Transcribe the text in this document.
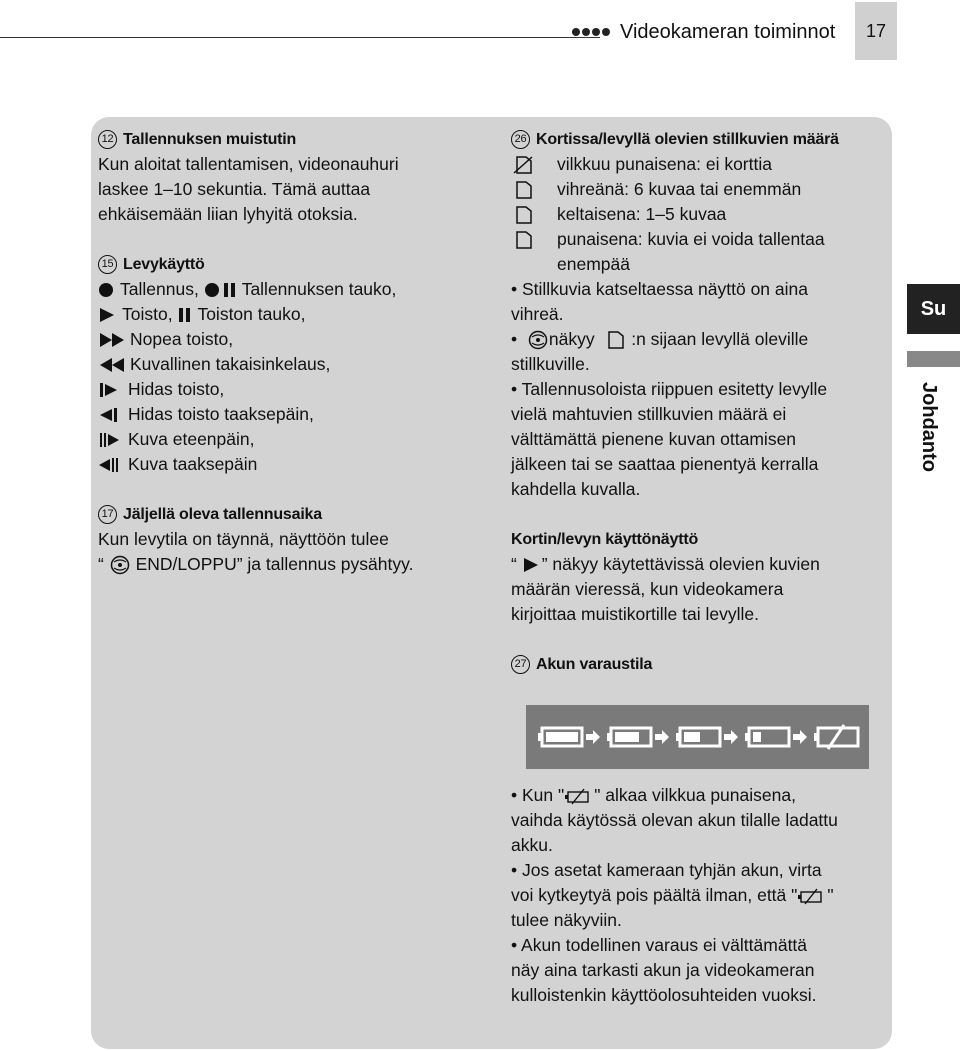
Videokameran toiminnot	17
12 Tallennuksen muistutin
Kun aloitat tallentamisen, videonauhuri
laskee 1–10 sekuntia. Tämä auttaa
ehkäisemään liian lyhyitä otoksia.
15 Levykäyttö
Tallennus,
Tallennuksen tauko,
Toisto,
Toiston tauko,
Nopea toisto,
Kuvallinen takaisinkelaus,
Hidas toisto,
Hidas toisto taaksepäin,
Kuva eteenpäin,
Kuva taaksepäin
17 Jäljellä oleva tallennusaika
Kun levytila on täynnä, näyttöön tulee
“

END/LOPPU” ja tallennus pysähtyy.
26 Kortissa/levyllä olevien stillkuvien määrä
vilkkuu punaisena: ei korttia
vihreänä: 6 kuvaa tai enemmän
keltaisena: 1–5 kuvaa
punaisena: kuvia ei voida tallentaa
enempää
• Stillkuvia katseltaessa näyttö on aina
vihreä.
•
näkyy

:n sijaan levyllä oleville
stillkuville.
• Tallennusoloista riippuen esitetty levylle
vielä mahtuvien stillkuvien määrä ei
välttämättä pienene kuvan ottamisen
jälkeen tai se saattaa pienentyä kerralla
kahdella kuvalla.
Kortin/levyn käyttönäyttö
“
” näkyy käytettävissä olevien kuvien
määrän vieressä, kun videokamera
kirjoittaa muistikortille tai levylle.
27 Akun varaustila
• Kun " " alkaa vilkkua punaisena,
vaihda käytössä olevan akun tilalle ladattu
akku.
• Jos asetat kameraan tyhjän akun, virta
voi kytkeytyä pois päältä ilman, että " "
tulee näkyviin.
• Akun todellinen varaus ei välttämättä
näy aina tarkasti akun ja videokameran
kulloistenkin käyttöolosuhteiden vuoksi.
Su
Johdanto
